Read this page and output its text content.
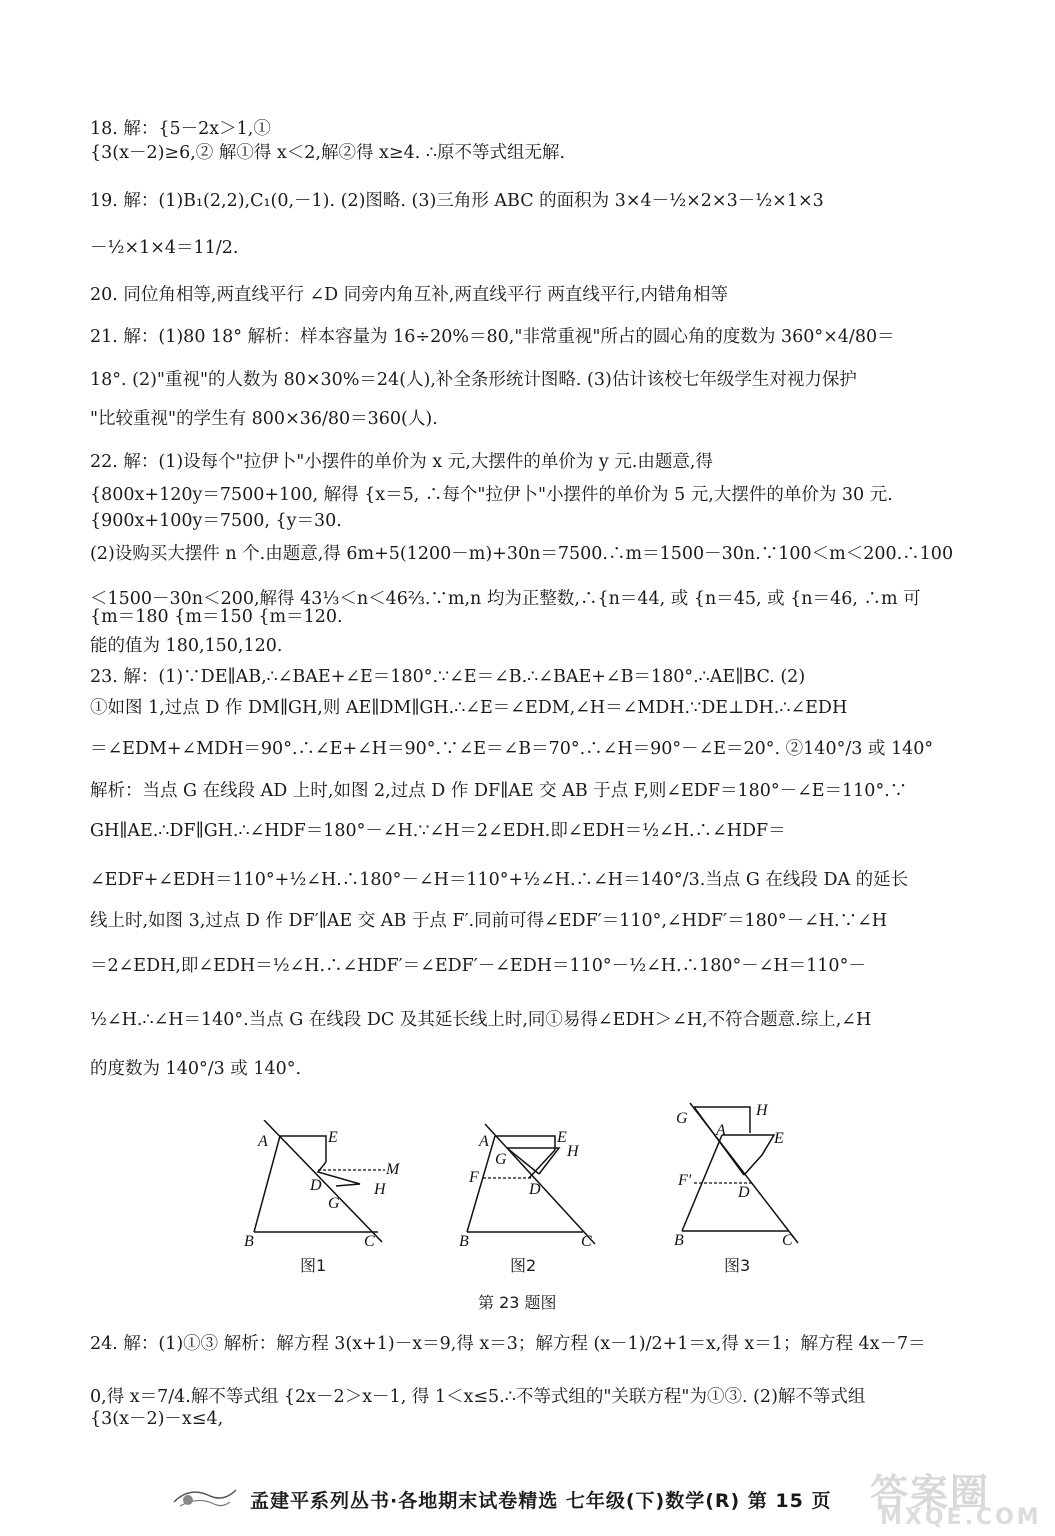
18. 解：{5－2x＞1,①
{3(x－2)≥6,② 解①得 x＜2,解②得 x≥4. ∴原不等式组无解.
19. 解：(1)B₁(2,2),C₁(0,－1). (2)图略. (3)三角形 ABC 的面积为 3×4－½×2×3－½×1×3
－½×1×4＝11/2.
20. 同位角相等,两直线平行 ∠D 同旁内角互补,两直线平行 两直线平行,内错角相等
21. 解：(1)80 18° 解析：样本容量为 16÷20%＝80,"非常重视"所占的圆心角的度数为 360°×4/80＝
18°. (2)"重视"的人数为 80×30%＝24(人),补全条形统计图略. (3)估计该校七年级学生对视力保护
"比较重视"的学生有 800×36/80＝360(人).
22. 解：(1)设每个"拉伊卜"小摆件的单价为 x 元,大摆件的单价为 y 元.由题意,得
{800x+120y＝7500+100, 解得 {x＝5, ∴每个"拉伊卜"小摆件的单价为 5 元,大摆件的单价为 30 元.
{900x+100y＝7500, {y＝30.
(2)设购买大摆件 n 个.由题意,得 6m+5(1200－m)+30n＝7500.∴m＝1500－30n.∵100＜m＜200.∴100
＜1500－30n＜200,解得 43⅓＜n＜46⅔.∵m,n 均为正整数,∴{n＝44, 或 {n＝45, 或 {n＝46, ∴m 可
{m＝180 {m＝150 {m＝120.
能的值为 180,150,120.
23. 解：(1)∵DE∥AB,∴∠BAE+∠E＝180°.∵∠E＝∠B.∴∠BAE+∠B＝180°.∴AE∥BC. (2)
①如图 1,过点 D 作 DM∥GH,则 AE∥DM∥GH.∴∠E＝∠EDM,∠H＝∠MDH.∵DE⊥DH.∴∠EDH
＝∠EDM+∠MDH＝90°.∴∠E+∠H＝90°.∵∠E＝∠B＝70°.∴∠H＝90°－∠E＝20°. ②140°/3 或 140°
解析：当点 G 在线段 AD 上时,如图 2,过点 D 作 DF∥AE 交 AB 于点 F,则∠EDF＝180°－∠E＝110°.∵
GH∥AE.∴DF∥GH.∴∠HDF＝180°－∠H.∵∠H＝2∠EDH.即∠EDH＝½∠H.∴∠HDF＝
∠EDF+∠EDH＝110°+½∠H.∴180°－∠H＝110°+½∠H.∴∠H＝140°/3.当点 G 在线段 DA 的延长
线上时,如图 3,过点 D 作 DF′∥AE 交 AB 于点 F′.同前可得∠EDF′＝110°,∠HDF′＝180°－∠H.∵∠H
＝2∠EDH,即∠EDH＝½∠H.∴∠HDF′＝∠EDF′－∠EDH＝110°－½∠H.∴180°－∠H＝110°－
½∠H.∴∠H＝140°.当点 G 在线段 DC 及其延长线上时,同①易得∠EDH＞∠H,不符合题意.综上,∠H
的度数为 140°/3 或 140°.
24. 解：(1)①③ 解析：解方程 3(x+1)－x＝9,得 x＝3；解方程 (x－1)/2+1＝x,得 x＝1；解方程 4x－7＝
0,得 x＝7/4.解不等式组 {2x－2＞x－1, 得 1＜x≤5.∴不等式组的"关联方程"为①③. (2)解不等式组
{3(x－2)－x≤4,
A	E
M
D	H
G
B	C
图1
A	E
H
G
F
D
B	C
图2
G	H
A	E
F′
D
B	C
图3
第 23 题图
孟建平系列丛书·各地期末试卷精选 七年级(下)数学(R) 第 15 页 答案圈
MXQE.COM
